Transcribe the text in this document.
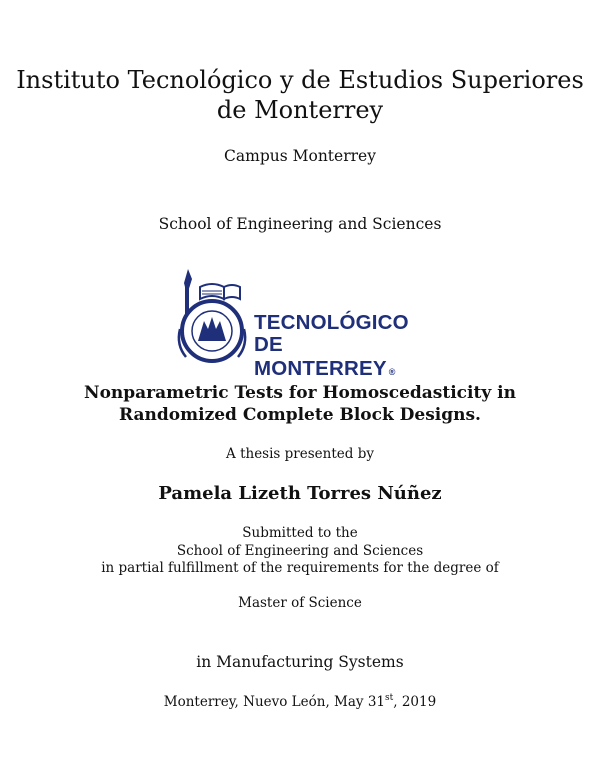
Instituto Tecnológico y de Estudios Superiores
de Monterrey
Campus Monterrey
School of Engineering and Sciences
TECNOLÓGICO
DE MONTERREY ®
Nonparametric Tests for Homoscedasticity in
Randomized Complete Block Designs.
A thesis presented by
Pamela Lizeth Torres Núñez
Submitted to the
School of Engineering and Sciences
in partial fulfillment of the requirements for the degree of
Master of Science
in Manufacturing Systems
Monterrey, Nuevo León, May 31st, 2019
